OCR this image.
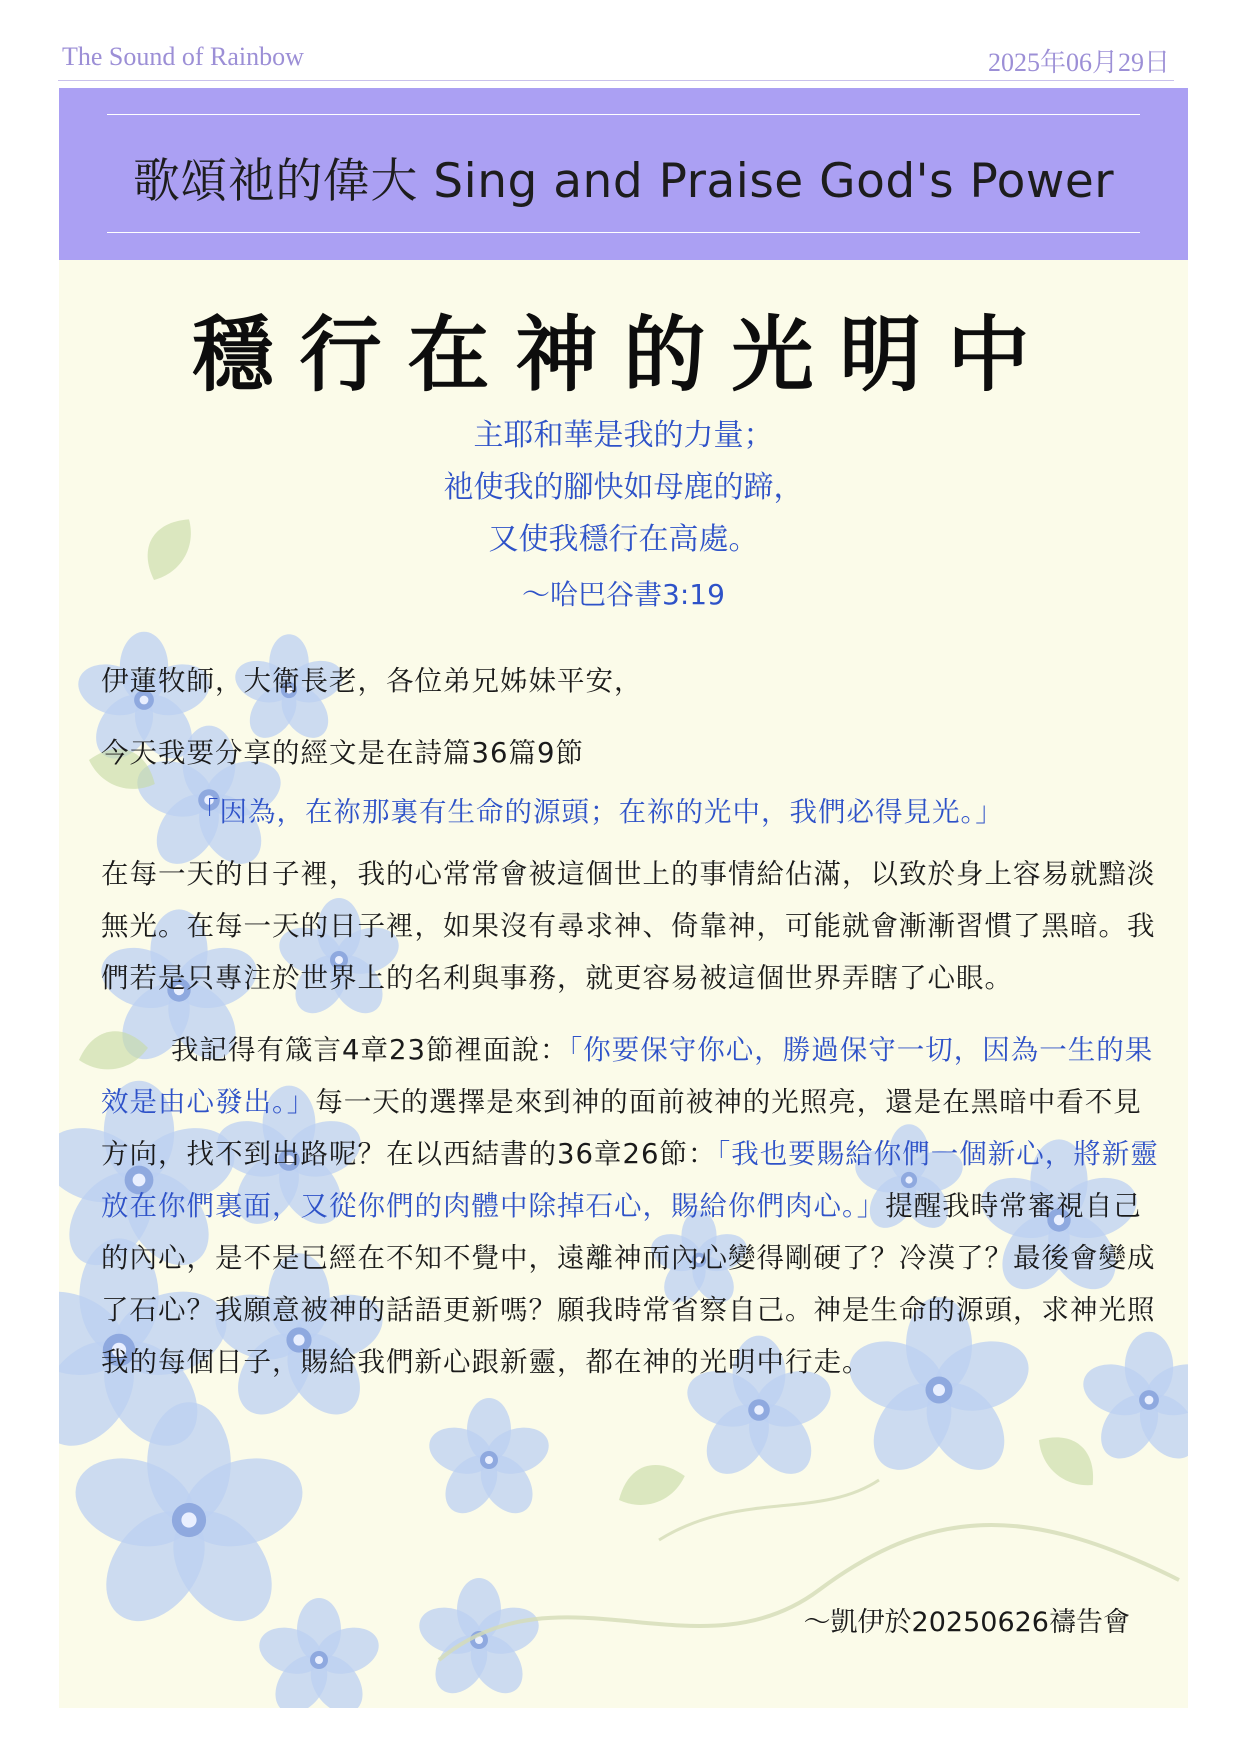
The Sound of Rainbow	2025年06月29日
歌頌祂的偉大 Sing and Praise God's Power
穩行在神的光明中
主耶和華是我的力量；
祂使我的腳快如母鹿的蹄，
又使我穩行在高處。
～哈巴谷書3:19

伊蓮牧師，大衛長老，各位弟兄姊妹平安，

今天我要分享的經文是在詩篇36篇9節

「因為，在祢那裏有生命的源頭；在祢的光中，我們必得見光。」

在每一天的日子裡，我的心常常會被這個世上的事情給佔滿，以致於身上容易就黯淡無光。在每一天的日子裡，如果沒有尋求神、倚靠神，可能就會漸漸習慣了黑暗。我們若是只專注於世界上的名利與事務，就更容易被這個世界弄瞎了心眼。

我記得有箴言4章23節裡面說：「你要保守你心，勝過保守一切，因為一生的果效是由心發出。」每一天的選擇是來到神的面前被神的光照亮，還是在黑暗中看不見方向，找不到出路呢？在以西結書的36章26節：「我也要賜給你們一個新心，將新靈放在你們裏面，又從你們的肉體中除掉石心，賜給你們肉心。」提醒我時常審視自己的內心，是不是已經在不知不覺中，遠離神而內心變得剛硬了？冷漠了？最後會變成了石心？我願意被神的話語更新嗎？願我時常省察自己。神是生命的源頭，求神光照我的每個日子，賜給我們新心跟新靈，都在神的光明中行走。

～凱伊於20250626禱告會
